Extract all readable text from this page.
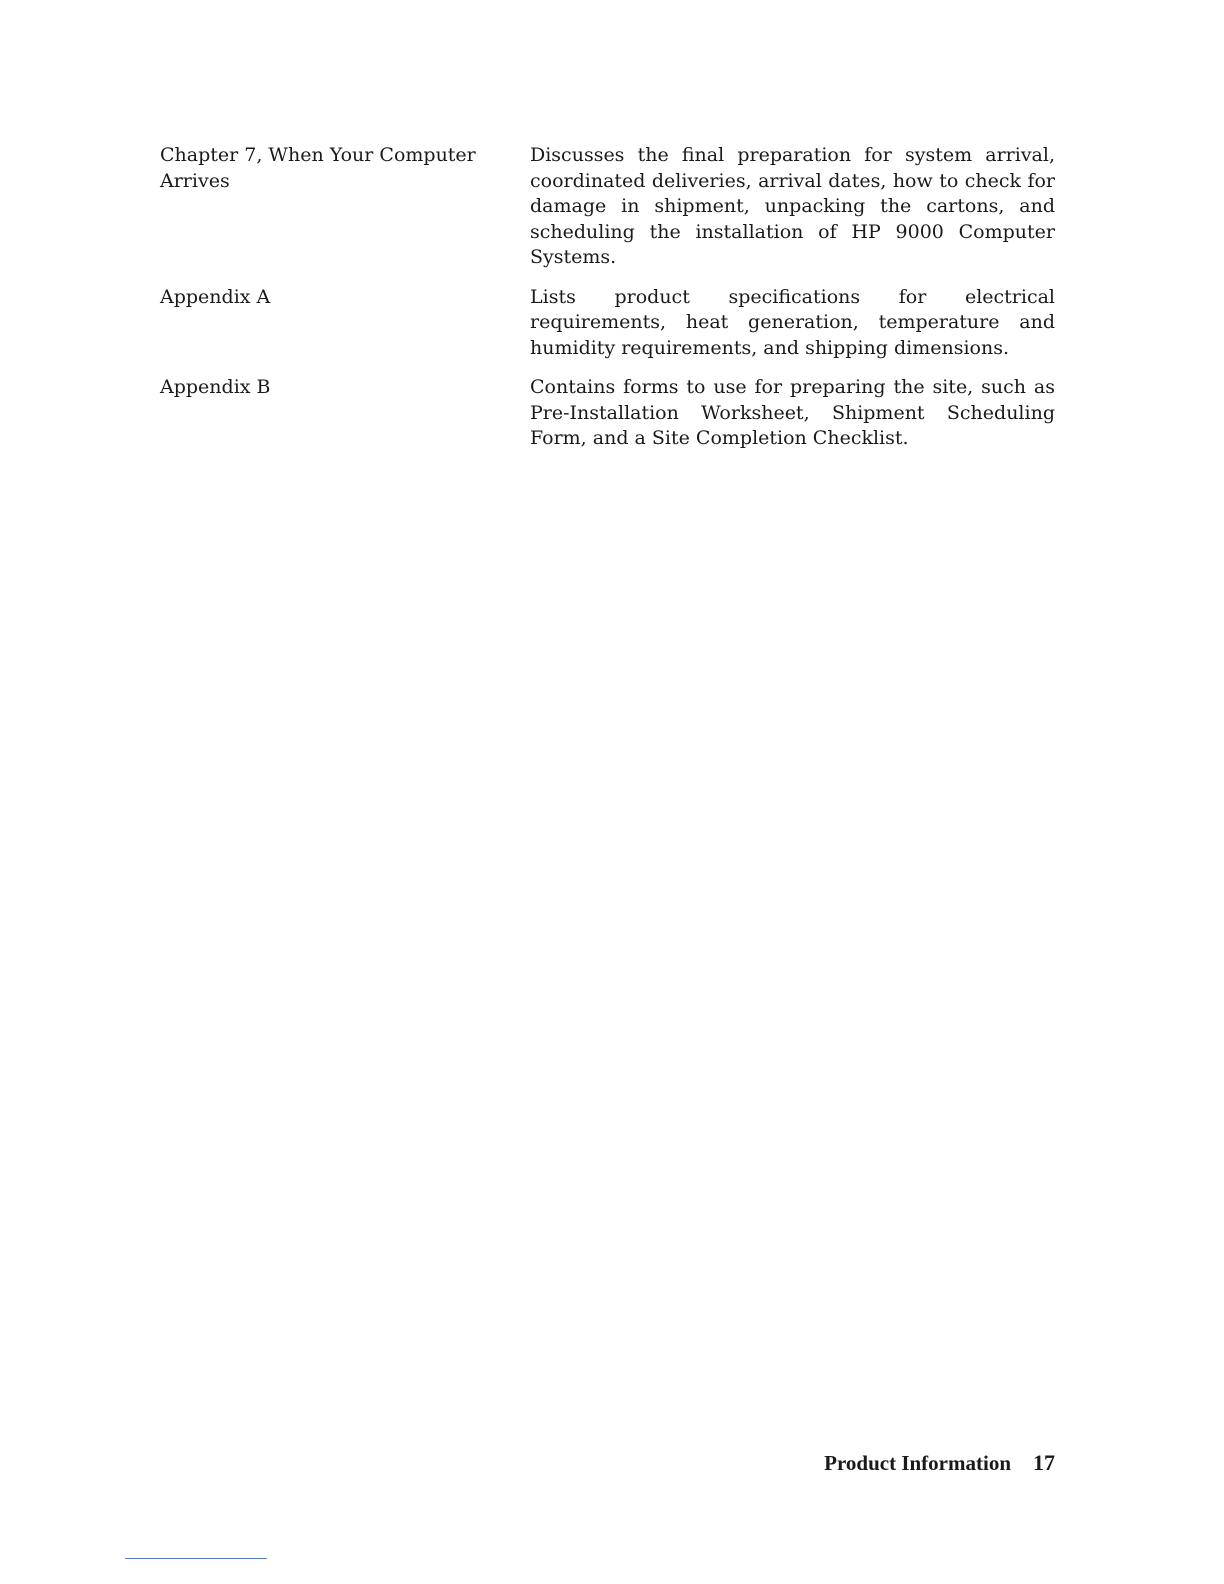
Chapter 7, When Your Computer Arrives
Discusses the final preparation for system arrival, coordinated deliveries, arrival dates, how to check for damage in shipment, unpacking the cartons, and scheduling the installation of HP 9000 Computer Systems.
Appendix A	Lists product specifications for electrical requirements, heat generation, temperature and humidity requirements, and shipping dimensions.
Appendix B	Contains forms to use for preparing the site, such as Pre-Installation Worksheet, Shipment Scheduling Form, and a Site Completion Checklist.
Product Information 17
